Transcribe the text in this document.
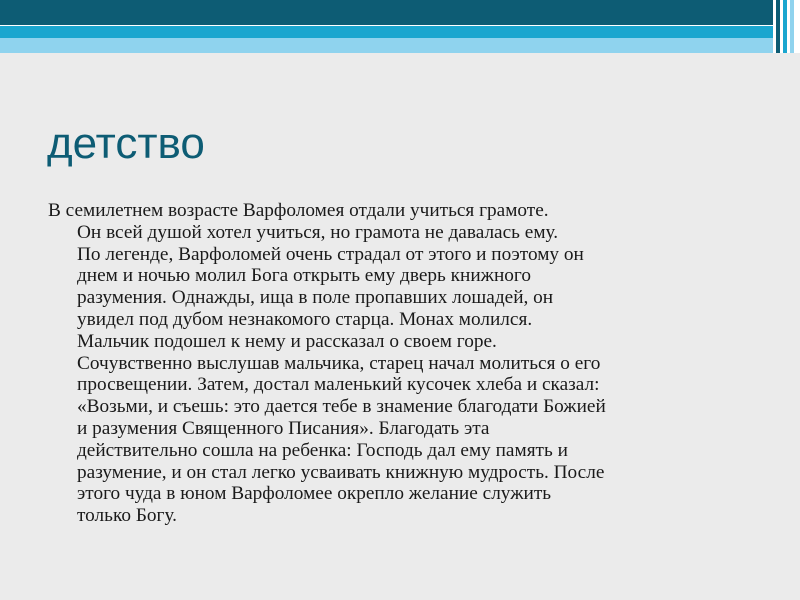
детство
В семилетнем возрасте Варфоломея отдали учиться грамоте.
Он всей душой хотел учиться, но грамота не давалась ему.
По легенде, Варфоломей очень страдал от этого и поэтому он
днем и ночью молил Бога открыть ему дверь книжного
разумения. Однажды, ища в поле пропавших лошадей, он
увидел под дубом незнакомого старца. Монах молился.
Мальчик подошел к нему и рассказал о своем горе.
Сочувственно выслушав мальчика, старец начал молиться о его
просвещении. Затем, достал маленький кусочек хлеба и сказал:
«Возьми, и съешь: это дается тебе в знамение благодати Божией
и разумения Священного Писания». Благодать эта
действительно сошла на ребенка: Господь дал ему память и
разумение, и он стал легко усваивать книжную мудрость. После
этого чуда в юном Варфоломее окрепло желание служить
только Богу.
